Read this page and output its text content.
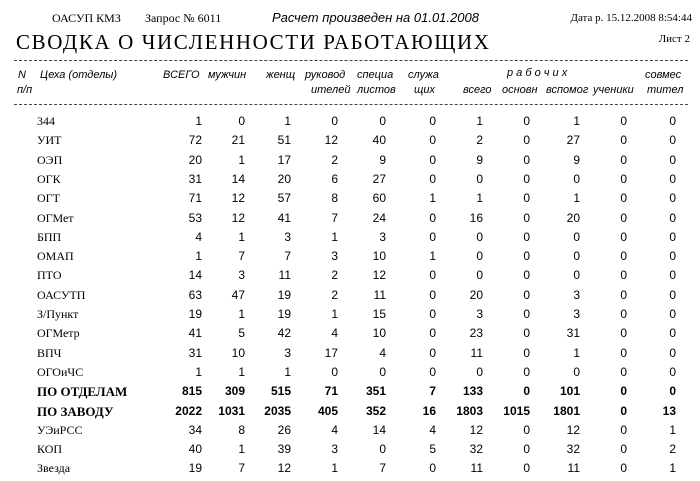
ОАСУП КМЗ Запрос № 6011	Расчет произведен на 01.01.2008	Дата р. 15.12.2008 8:54:44
СВОДКА О ЧИСЛЕННОСТИ РАБОТАЮЩИХ	Лист 2
N
п/п
Цеха (отделы)	ВСЕГО мужчин женщ руковод
ителей
специа
листов
служа
щих
р а б о ч и х
всего основн вспомог ученики
совмес
тител
344	1	0	1	0	0	0	1	0	1	0	0
УИТ	72	21	51	12	40	0	2	0	27	0	0
ОЭП	20	1	17	2	9	0	9	0	9	0	0
ОГК	31	14	20	6	27	0	0	0	0	0	0
ОГТ	71	12	57	8	60	1	1	0	1	0	0
ОГМет	53	12	41	7	24	0	16	0	20	0	0
БПП	4	1	3	1	3	0	0	0	0	0	0
ОМАП	1	7	7	3	10	1	0	0	0	0	0
ПТО	14	3	11	2	12	0	0	0	0	0	0
ОАСУТП	63	47	19	2	11	0	20	0	3	0	0
З/Пункт	19	1	19	1	15	0	3	0	3	0	0
ОГМетр	41	5	42	4	10	0	23	0	31	0	0
ВПЧ	31	10	3	17	4	0	11	0	1	0	0
ОГОиЧС	1	1	1	0	0	0	0	0	0	0	0
ПО ОТДЕЛАМ	815	309	515	71	351	7	133	0	101	0	0
ПО ЗАВОДУ	2022	1031	2035	405	352	16	1803	1015	1801	0	13
УЭиРСС	34	8	26	4	14	4	12	0	12	0	1
КОП	40	1	39	3	0	5	32	0	32	0	2
Звезда	19	7	12	1	7	0	11	0	11	0	1
